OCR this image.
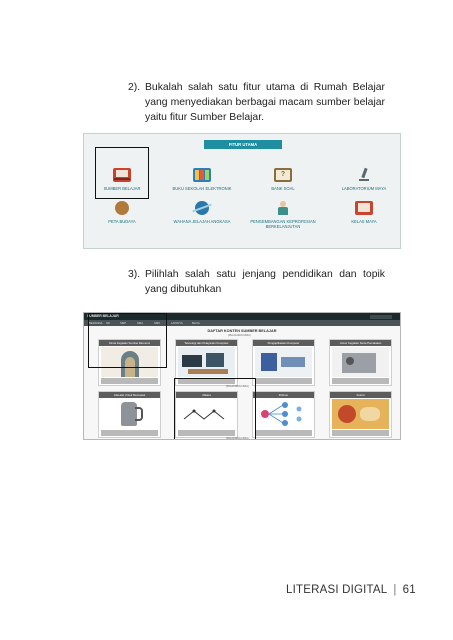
2). Bukalah salah satu fitur utama di Rumah Belajar yang menyediakan berbagai macam sumber belajar yaitu fitur Sumber Belajar.
FITUR UTAMA
SUMBER BELAJAR	BUKU SEKOLAH ELEKTRONIK
?
BANK SOAL	LABORATORIUM MAYA
PETA BUDAYA	WAHANA JELAJAH ANGKASA	PENGEMBANGAN KEPROFESIAN BERKELANJUTAN
KELAS MAYA
3). Pilihlah salah satu jenjang pendidikan dan topik yang dibutuhkan
SUMBER BELAJAR
BERANDA SD	SMP	SMA	SMK	LAINNYA	BLOG
DAFTAR KONTEN SUMBER BELAJAR
(PELAJARAN KIMIA)
Kimia Kegiatan Sumber Ekonomi	Teknologi dan Pelayanan Komputer	Pengaplikasian Komputer	Unsur Kegiatan Serta Pemakaian
(PELAJARAN KIMIA)
Alat-alat Untuk Memasak	Alkana	Polimer	Koloid
(PELAJARAN KIMIA)
LITERASI DIGITAL | 61
